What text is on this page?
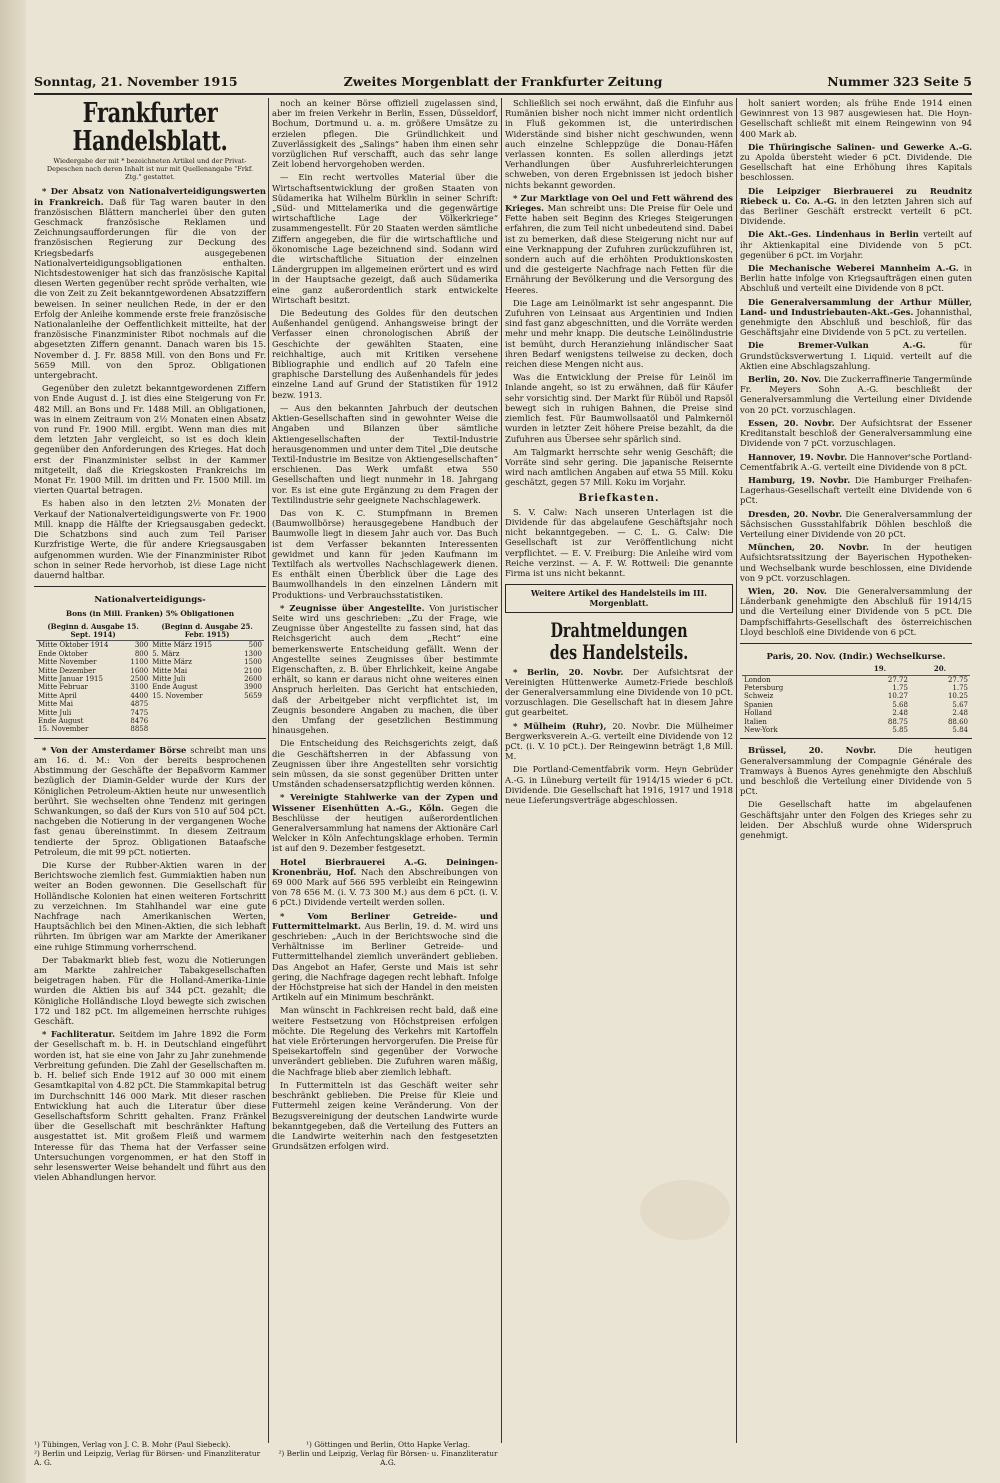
Sonntag, 21. November 1915	Zweites Morgenblatt der Frankfurter Zeitung	Nummer 323 Seite 5
Frankfurter Handelsblatt.
Wiedergabe der mit * bezeichneten Artikel und der Privat-Depeschen nach deren Inhalt ist nur mit Quellenangabe "Frkf. Ztg." gestattet.

* Der Absatz von Nationalverteidigungswerten in Frankreich. Daß für Tag waren bauter in den französischen Blättern mancherlei über den guten Geschmack französische Reklamen und Zeichnungsaufforderungen für die von der französischen Regierung zur Deckung des Kriegsbedarfs ausgegebenen Nationalverteidigungsobligationen enthalten. Nichtsdestoweniger hat sich das französische Kapital diesen Werten gegenüber recht spröde verhalten, wie die von Zeit zu Zeit bekanntgewordenen Absatzziffern beweisen. In seiner neulichen Rede, in der er den Erfolg der Anleihe kommende erste freie französische Nationalanleihe der Oeffentlichkeit mitteilte, hat der französische Finanzminister Ribot nochmals auf die abgesetzten Ziffern genannt. Danach waren bis 15. November d. J. Fr. 8858 Mill. von den Bons und Fr. 5659 Mill. von den 5proz. Obligationen untergebracht.

Gegenüber den zuletzt bekanntgewordenen Ziffern von Ende August d. J. ist dies eine Steigerung von Fr. 482 Mill. an Bons und Fr. 1488 Mill. an Obligationen, was in einem Zeitraum von 2½ Monaten einen Absatz von rund Fr. 1900 Mill. ergibt. Wenn man dies mit dem letzten Jahr vergleicht, so ist es doch klein gegenüber den Anforderungen des Krieges. Hat doch erst der Finanzminister selbst in der Kammer mitgeteilt, daß die Kriegskosten Frankreichs im Monat Fr. 1900 Mill. im dritten und Fr. 1500 Mill. im vierten Quartal betragen.

Es haben also in den letzten 2½ Monaten der Verkauf der Nationalverteidigungswerte von Fr. 1900 Mill. knapp die Hälfte der Kriegsausgaben gedeckt. Die Schatzbons sind auch zum Teil Pariser Kurzfristige Werte, die für andere Kriegsausgaben aufgenommen wurden. Wie der Finanzminister Ribot schon in seiner Rede hervorhob, ist diese Lage nicht dauernd haltbar.

Nationalverteidigungs-
Bons (in Mill. Franken) 5% Obligationen
(Beginn d. Ausgabe 15. Sept. 1914)		(Beginn d. Ausgabe 25. Febr. 1915)	
Mitte Oktober 1914	300	Mitte März 1915	500
Ende Oktober	800	5. März	1300
Mitte November	1100	Mitte März	1500
Mitte Dezember	1600	Mitte Mai	2100
Mitte Januar 1915	2500	Mitte Juli	2600
Mitte Februar	3100	Ende August	3900
Mitte April	4400	15. November	5659
Mitte Mai	4875		
Mitte Juli	7475		
Ende August	8476		
15. November	8858		

* Von der Amsterdamer Börse schreibt man uns am 16. d. M.: Von der bereits besprochenen Abstimmung der Geschäfte der Bepaßvorm Kammer bezüglich der Diamin-Gelder wurde der Kurs der Königlichen Petroleum-Aktien heute nur unwesentlich berührt. Sie wechselten ohne Tendenz mit geringen Schwankungen, so daß der Kurs von 510 auf 504 pCt. nachgeben die Notierung in der vergangenen Woche fast genau übereinstimmt. In diesem Zeitraum tendierte der 5proz. Obligationen Bataafsche Petroleum, die mit 99 pCt. notierten.

Die Kurse der Rubber-Aktien waren in der Berichtswoche ziemlich fest. Gummiaktien haben nun weiter an Boden gewonnen. Die Gesellschaft für Holländische Kolonien hat einen weiteren Fortschritt zu verzeichnen. Im Stahlhandel war eine gute Nachfrage nach Amerikanischen Werten, Hauptsächlich bei den Minen-Aktien, die sich lebhaft rührten. Im übrigen war am Markte der Amerikaner eine ruhige Stimmung vorherrschend.

Der Tabakmarkt blieb fest, wozu die Notierungen am Markte zahlreicher Tabakgesellschaften beigetragen haben. Für die Holland-Amerika-Linie wurden die Aktien bis auf 344 pCt. gezahlt; die Königliche Holländische Lloyd bewegte sich zwischen 172 und 182 pCt. Im allgemeinen herrschte ruhiges Geschäft.

* Fachliteratur. Seitdem im Jahre 1892 die Form der Gesellschaft m. b. H. in Deutschland eingeführt worden ist, hat sie eine von Jahr zu Jahr zunehmende Verbreitung gefunden. Die Zahl der Gesellschaften m. b. H. belief sich Ende 1912 auf 30 000 mit einem Gesamtkapital von 4.82 pCt. Die Stammkapital betrug im Durchschnitt 146 000 Mark. Mit dieser raschen Entwicklung hat auch die Literatur über diese Gesellschaftsform Schritt gehalten. Franz Fränkel über die Gesellschaft mit beschränkter Haftung ausgestattet ist. Mit großem Fleiß und warmem Interesse für das Thema hat der Verfasser seine Untersuchungen vorgenommen, er hat den Stoff in sehr lesenswerter Weise behandelt und führt aus den vielen Abhandlungen hervor.

noch an keiner Börse offiziell zugelassen sind, aber im freien Verkehr in Berlin, Essen, Düsseldorf, Bochum, Dortmund u. a. m. größere Umsätze zu erzielen pflegen. Die Gründlichkeit und Zuverlässigkeit des „Salings“ haben ihm einen sehr vorzüglichen Ruf verschafft, auch das sehr lange Zeit lobend hervorgehoben werden.

— Ein recht wertvolles Material über die Wirtschaftsentwicklung der großen Staaten von Südamerika hat Wilhelm Bürklin in seiner Schrift: „Süd- und Mittelamerika und die gegenwärtige wirtschaftliche Lage der Völkerkriege“ zusammengestellt. Für 20 Staaten werden sämtliche Ziffern angegeben, die für die wirtschaftliche und ökonomische Lage bezeichnend sind. Sodann wird die wirtschaftliche Situation der einzelnen Ländergruppen im allgemeinen erörtert und es wird in der Hauptsache gezeigt, daß auch Südamerika eine ganz außerordentlich stark entwickelte Wirtschaft besitzt.

Die Bedeutung des Goldes für den deutschen Außenhandel genügend. Anhangsweise bringt der Verfasser einen chronologischen Abriß der Geschichte der gewählten Staaten, eine reichhaltige, auch mit Kritiken versehene Bibliographie und endlich auf 20 Tafeln eine graphische Darstellung des Außenhandels für jedes einzelne Land auf Grund der Statistiken für 1912 bezw. 1913.

— Aus den bekannten Jahrbuch der deutschen Aktien-Gesellschaften sind in gewohnter Weise die Angaben und Bilanzen über sämtliche Aktiengesellschaften der Textil-Industrie herausgenommen und unter dem Titel „Die deutsche Textil-Industrie im Besitze von Aktiengesellschaften“ erschienen. Das Werk umfaßt etwa 550 Gesellschaften und liegt nunmehr in 18. Jahrgang vor. Es ist eine gute Ergänzung zu dem Fragen der Textilindustrie sehr geeignete Nachschlagewerk.

Das von K. C. Stumpfmann in Bremen (Baumwollbörse) herausgegebene Handbuch der Baumwolle liegt in diesem Jahr auch vor. Das Buch ist dem Verfasser bekannten Interessenten gewidmet und kann für jeden Kaufmann im Textilfach als wertvolles Nachschlagewerk dienen. Es enthält einen Überblick über die Lage des Baumwollhandels in den einzelnen Ländern mit Produktions- und Verbrauchsstatistiken.

* Zeugnisse über Angestellte. Von juristischer Seite wird uns geschrieben: „Zu der Frage, wie Zeugnisse über Angestellte zu fassen sind, hat das Reichsgericht auch dem „Recht“ eine bemerkenswerte Entscheidung gefällt. Wenn der Angestellte seines Zeugnisses über bestimmte Eigenschaften, z. B. über Ehrlichkeit, keine Angabe erhält, so kann er daraus nicht ohne weiteres einen Anspruch herleiten. Das Gericht hat entschieden, daß der Arbeitgeber nicht verpflichtet ist, im Zeugnis besondere Angaben zu machen, die über den Umfang der gesetzlichen Bestimmung hinausgehen.

Die Entscheidung des Reichsgerichts zeigt, daß die Geschäftsherren in der Abfassung von Zeugnissen über ihre Angestellten sehr vorsichtig sein müssen, da sie sonst gegenüber Dritten unter Umständen schadensersatzpflichtig werden können.

* Vereinigte Stahlwerke van der Zypen und Wissener Eisenhütten A.-G., Köln. Gegen die Beschlüsse der heutigen außerordentlichen Generalversammlung hat namens der Aktionäre Carl Welcker in Köln Anfechtungsklage erhoben. Termin ist auf den 9. Dezember festgesetzt.

Hotel Bierbrauerei A.-G. Deiningen-Kronenbräu, Hof. Nach den Abschreibungen von 69 000 Mark auf 566 595 verbleibt ein Reingewinn von 78 656 M. (i. V. 73 300 M.) aus dem 6 pCt. (i. V. 6 pCt.) Dividende verteilt werden sollen.

* Vom Berliner Getreide- und Futtermittelmarkt. Aus Berlin, 19. d. M. wird uns geschrieben: „Auch in der Berichtswoche sind die Verhältnisse im Berliner Getreide- und Futtermittelhandel ziemlich unverändert geblieben. Das Angebot an Hafer, Gerste und Mais ist sehr gering, die Nachfrage dagegen recht lebhaft. Infolge der Höchstpreise hat sich der Handel in den meisten Artikeln auf ein Minimum beschränkt.

Man wünscht in Fachkreisen recht bald, daß eine weitere Festsetzung von Höchstpreisen erfolgen möchte. Die Regelung des Verkehrs mit Kartoffeln hat viele Erörterungen hervorgerufen. Die Preise für Speisekartoffeln sind gegenüber der Vorwoche unverändert geblieben. Die Zufuhren waren mäßig, die Nachfrage blieb aber ziemlich lebhaft.

In Futtermitteln ist das Geschäft weiter sehr beschränkt geblieben. Die Preise für Kleie und Futtermehl zeigen keine Veränderung. Von der Bezugsvereinigung der deutschen Landwirte wurde bekanntgegeben, daß die Verteilung des Futters an die Landwirte weiterhin nach den festgesetzten Grundsätzen erfolgen wird.

Schließlich sei noch erwähnt, daß die Einfuhr aus Rumänien bisher noch nicht immer nicht ordentlich in Fluß gekommen ist, die unterirdischen Widerstände sind bisher nicht geschwunden, wenn auch einzelne Schleppzüge die Donau-Häfen verlassen konnten. Es sollen allerdings jetzt Verhandlungen über Ausfuhrerleichterungen schweben, von deren Ergebnissen ist jedoch bisher nichts bekannt geworden.

* Zur Marktlage von Oel und Fett während des Krieges. Man schreibt uns: Die Preise für Oele und Fette haben seit Beginn des Krieges Steigerungen erfahren, die zum Teil nicht unbedeutend sind. Dabei ist zu bemerken, daß diese Steigerung nicht nur auf eine Verknappung der Zufuhren zurückzuführen ist, sondern auch auf die erhöhten Produktionskosten und die gesteigerte Nachfrage nach Fetten für die Ernährung der Bevölkerung und die Versorgung des Heeres.

Die Lage am Leinölmarkt ist sehr angespannt. Die Zufuhren von Leinsaat aus Argentinien und Indien sind fast ganz abgeschnitten, und die Vorräte werden mehr und mehr knapp. Die deutsche Leinölindustrie ist bemüht, durch Heranziehung inländischer Saat ihren Bedarf wenigstens teilweise zu decken, doch reichen diese Mengen nicht aus.

Was die Entwicklung der Preise für Leinöl im Inlande angeht, so ist zu erwähnen, daß für Käufer sehr vorsichtig sind. Der Markt für Rüböl und Rapsöl bewegt sich in ruhigen Bahnen, die Preise sind ziemlich fest. Für Baumwollsaatöl und Palmkernöl wurden in letzter Zeit höhere Preise bezahlt, da die Zufuhren aus Übersee sehr spärlich sind.

Am Talgmarkt herrschte sehr wenig Geschäft; die Vorräte sind sehr gering. Die japanische Reisernte wird nach amtlichen Angaben auf etwa 55 Mill. Koku geschätzt, gegen 57 Mill. Koku im Vorjahr.

Briefkasten.

S. V. Calw: Nach unseren Unterlagen ist die Dividende für das abgelaufene Geschäftsjahr noch nicht bekanntgegeben. — C. L. G. Calw: Die Gesellschaft ist zur Veröffentlichung nicht verpflichtet. — E. V. Freiburg: Die Anleihe wird vom Reiche verzinst. — A. F. W. Rottweil: Die genannte Firma ist uns nicht bekannt.

Weitere Artikel des Handelsteils im III. Morgenblatt.
Drahtmeldungen des Handelsteils.

* Berlin, 20. Novbr. Der Aufsichtsrat der Vereinigten Hüttenwerke Aumetz-Friede beschloß der Generalversammlung eine Dividende von 10 pCt. vorzuschlagen. Die Gesellschaft hat in diesem Jahre gut gearbeitet.

* Mülheim (Ruhr), 20. Novbr. Die Mülheimer Bergwerksverein A.-G. verteilt eine Dividende von 12 pCt. (i. V. 10 pCt.). Der Reingewinn beträgt 1,8 Mill. M.

Die Portland-Cementfabrik vorm. Heyn Gebrüder A.-G. in Lüneburg verteilt für 1914/15 wieder 6 pCt. Dividende. Die Gesellschaft hat 1916, 1917 und 1918 neue Lieferungsverträge abgeschlossen.

holt saniert worden; als frühe Ende 1914 einen Gewinnrest von 13 987 ausgewiesen hat. Die Hoyn-Gesellschaft schließt mit einem Reingewinn von 94 400 Mark ab.

Die Thüringische Salinen- und Gewerke A.-G. zu Apolda übersteht wieder 6 pCt. Dividende. Die Gesellschaft hat eine Erhöhung ihres Kapitals beschlossen.

Die Leipziger Bierbrauerei zu Reudnitz Riebeck u. Co. A.-G. in den letzten Jahren sich auf das Berliner Geschäft erstreckt verteilt 6 pCt. Dividende.

Die Akt.-Ges. Lindenhaus in Berlin verteilt auf ihr Aktienkapital eine Dividende von 5 pCt. gegenüber 6 pCt. im Vorjahr.

Die Mechanische Weberei Mannheim A.-G. in Berlin hatte infolge von Kriegsaufträgen einen guten Abschluß und verteilt eine Dividende von 8 pCt.

Die Generalversammlung der Arthur Müller, Land- und Industriebauten-Akt.-Ges. Johannisthal, genehmigte den Abschluß und beschloß, für das Geschäftsjahr eine Dividende von 5 pCt. zu verteilen.

Die Bremer-Vulkan A.-G.	für Grundstücksverwertung I. Liquid. verteilt auf die Aktien eine Abschlagszahlung.

Berlin, 20. Nov. Die Zuckerraffinerie Tangermünde Fr. Meyers Sohn A.-G. beschließt der Generalversammlung die Verteilung einer Dividende von 20 pCt. vorzuschlagen.

Essen, 20. Novbr. Der Aufsichtsrat der Essener Kreditanstalt beschloß der Generalversammlung eine Dividende von 7 pCt. vorzuschlagen.

Hannover, 19. Novbr. Die Hannover'sche Portland-Cementfabrik A.-G. verteilt eine Dividende von 8 pCt.

Hamburg, 19. Novbr. Die Hamburger Freihafen-Lagerhaus-Gesellschaft verteilt eine Dividende von 6 pCt.

Dresden, 20. Novbr. Die Generalversammlung der Sächsischen Gussstahlfabrik Döhlen beschloß die Verteilung einer Dividende von 20 pCt.

München, 20. Novbr. In der heutigen Aufsichtsratssitzung der Bayerischen Hypotheken- und Wechselbank wurde beschlossen, eine Dividende von 9 pCt. vorzuschlagen.

Wien, 20. Nov. Die Generalversammlung der Länderbank genehmigte den Abschluß für 1914/15 und die Verteilung einer Dividende von 5 pCt. Die Dampfschiffahrts-Gesellschaft des österreichischen Lloyd beschloß eine Dividende von 6 pCt.

Paris, 20. Nov. (Indir.) Wechselkurse.
	19.	20.
London	27.72	27.75
Petersburg	1.75	1.75
Schweiz	10.27	10.25
Spanien	5.68	5.67
Holland	2.48	2.48
Italien	88.75	88.60
New-York	5.85	5.84

Brüssel, 20. Novbr.	Die heutigen Generalversammlung der Compagnie Générale des Tramways à Buenos Ayres genehmigte den Abschluß und beschloß die Verteilung einer Dividende von 5 pCt.

Die Gesellschaft hatte im abgelaufenen Geschäftsjahr unter den Folgen des Krieges sehr zu leiden. Der Abschluß wurde ohne Widerspruch genehmigt.

¹) Tübingen, Verlag von J. C. B. Mohr (Paul Siebeck).
²) Berlin und Leipzig, Verlag für Börsen- und Finanzliteratur A. G.
¹) Göttingen und Berlin, Otto Hapke Verlag.
²) Berlin und Leipzig, Verlag für Börsen- u. Finanzliteratur A.G.
